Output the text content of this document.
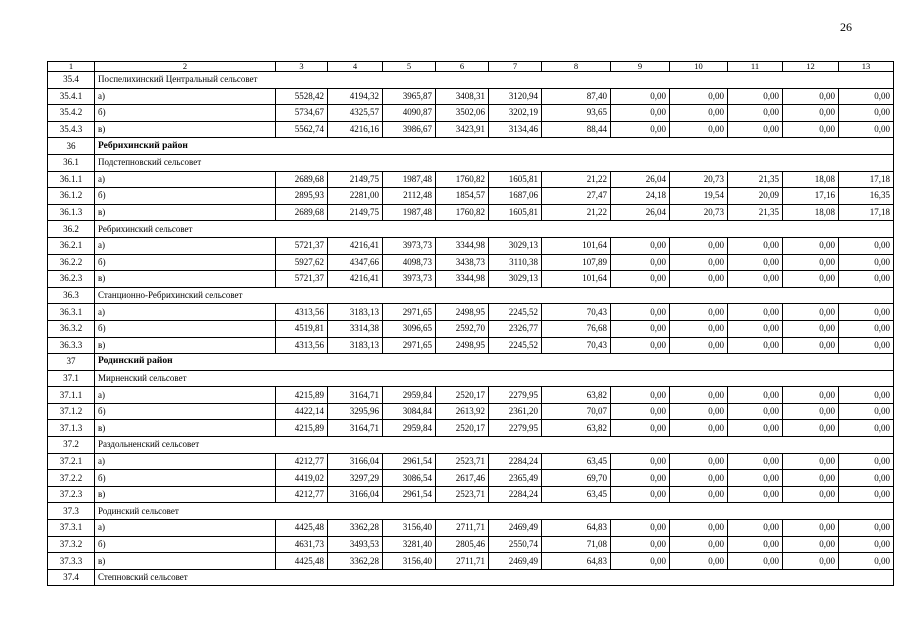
26
1	2	3	4	5	6	7	8	9	10	11	12	13
35.4	Поспелихинский Центральный сельсовет											
35.4.1	а)	5528,42	4194,32	3965,87	3408,31	3120,94	87,40	0,00	0,00	0,00	0,00	0,00
35.4.2	б)	5734,67	4325,57	4090,87	3502,06	3202,19	93,65	0,00	0,00	0,00	0,00	0,00
35.4.3	в)	5562,74	4216,16	3986,67	3423,91	3134,46	88,44	0,00	0,00	0,00	0,00	0,00
36	Ребрихинский район											
36.1	Подстепновский сельсовет											
36.1.1	а)	2689,68	2149,75	1987,48	1760,82	1605,81	21,22	26,04	20,73	21,35	18,08	17,18
36.1.2	б)	2895,93	2281,00	2112,48	1854,57	1687,06	27,47	24,18	19,54	20,09	17,16	16,35
36.1.3	в)	2689,68	2149,75	1987,48	1760,82	1605,81	21,22	26,04	20,73	21,35	18,08	17,18
36.2	Ребрихинский сельсовет											
36.2.1	а)	5721,37	4216,41	3973,73	3344,98	3029,13	101,64	0,00	0,00	0,00	0,00	0,00
36.2.2	б)	5927,62	4347,66	4098,73	3438,73	3110,38	107,89	0,00	0,00	0,00	0,00	0,00
36.2.3	в)	5721,37	4216,41	3973,73	3344,98	3029,13	101,64	0,00	0,00	0,00	0,00	0,00
36.3	Станционно-Ребрихинский сельсовет											
36.3.1	а)	4313,56	3183,13	2971,65	2498,95	2245,52	70,43	0,00	0,00	0,00	0,00	0,00
36.3.2	б)	4519,81	3314,38	3096,65	2592,70	2326,77	76,68	0,00	0,00	0,00	0,00	0,00
36.3.3	в)	4313,56	3183,13	2971,65	2498,95	2245,52	70,43	0,00	0,00	0,00	0,00	0,00
37	Родинский район											
37.1	Мирненский сельсовет											
37.1.1	а)	4215,89	3164,71	2959,84	2520,17	2279,95	63,82	0,00	0,00	0,00	0,00	0,00
37.1.2	б)	4422,14	3295,96	3084,84	2613,92	2361,20	70,07	0,00	0,00	0,00	0,00	0,00
37.1.3	в)	4215,89	3164,71	2959,84	2520,17	2279,95	63,82	0,00	0,00	0,00	0,00	0,00
37.2	Раздольненский сельсовет											
37.2.1	а)	4212,77	3166,04	2961,54	2523,71	2284,24	63,45	0,00	0,00	0,00	0,00	0,00
37.2.2	б)	4419,02	3297,29	3086,54	2617,46	2365,49	69,70	0,00	0,00	0,00	0,00	0,00
37.2.3	в)	4212,77	3166,04	2961,54	2523,71	2284,24	63,45	0,00	0,00	0,00	0,00	0,00
37.3	Родинский сельсовет											
37.3.1	а)	4425,48	3362,28	3156,40	2711,71	2469,49	64,83	0,00	0,00	0,00	0,00	0,00
37.3.2	б)	4631,73	3493,53	3281,40	2805,46	2550,74	71,08	0,00	0,00	0,00	0,00	0,00
37.3.3	в)	4425,48	3362,28	3156,40	2711,71	2469,49	64,83	0,00	0,00	0,00	0,00	0,00
37.4	Степновский сельсовет											
